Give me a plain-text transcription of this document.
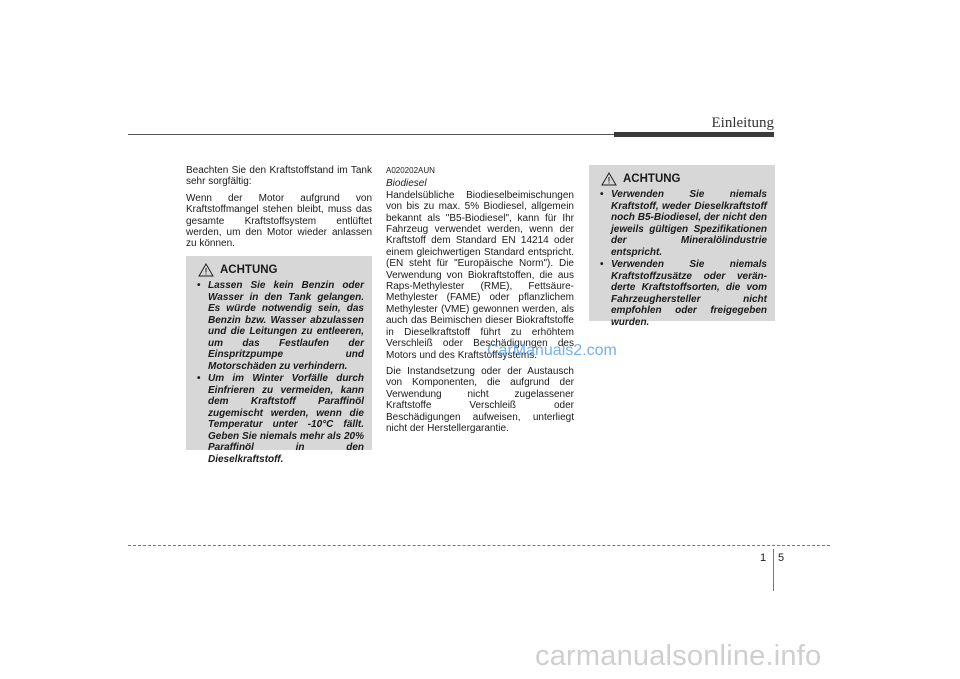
Einleitung

Beachten Sie den Kraftstoffstand im Tank sehr sorgfältig:

Wenn der Motor aufgrund von Kraftstoffmangel stehen bleibt, muss das gesamte Kraftstoffsystem entlüftet werden, um den Motor wieder anlassen zu können.

ACHTUNG
• Lassen Sie kein Benzin oder Wasser in den Tank gelangen. Es würde notwendig sein, das Benzin bzw. Wasser abzulassen und die Leitungen zu entleeren, um das Festlaufen der Einspritzpumpe und Motorschäden zu verhindern.
• Um im Winter Vorfälle durch Einfrieren zu vermeiden, kann dem Kraftstoff Paraffinöl zugemischt werden, wenn die Temperatur unter -10°C fällt. Geben Sie niemals mehr als 20% Paraffinöl in den Dieselkraftstoff.

A020202AUN

Biodiesel

Handelsübliche Biodieselbeimischungen von bis zu max. 5% Biodiesel, allgemein bekannt als "B5-Biodiesel", kann für Ihr Fahrzeug verwendet werden, wenn der Kraftstoff dem Standard EN 14214 oder einem gleichwertigen Standard entspricht. (EN steht für "Europäische Norm"). Die Verwendung von Biokraftstoffen, die aus Raps-Methylester (RME), Fettsäure-Methylester (FAME) oder pflanzlichem Methylester (VME) gewonnen werden, als auch das Beimischen dieser Biokraftstoffe in Dieselkraftstoff führt zu erhöhtem Verschleiß oder Beschädigungen des Motors und des Kraftstoffsystems.

Die Instandsetzung oder der Austausch von Komponenten, die aufgrund der Verwendung nicht zugelassener Kraftstoffe Verschleiß oder Beschädigungen aufweisen, unterliegt nicht der Herstellergarantie.

ACHTUNG
• Verwenden Sie niemals Kraftstoff, weder Dieselkraftstoff noch B5-Biodiesel, der nicht den jeweils gültigen Spezifikationen der Mineralölindustrie entspricht.
• Verwenden Sie niemals Kraftstoffzusätze oder verän-derte Kraftstoffsorten, die vom Fahrzeughersteller nicht empfohlen oder freigegeben wurden.
CarManuals2.com
1 5
carmanualsonline.info
